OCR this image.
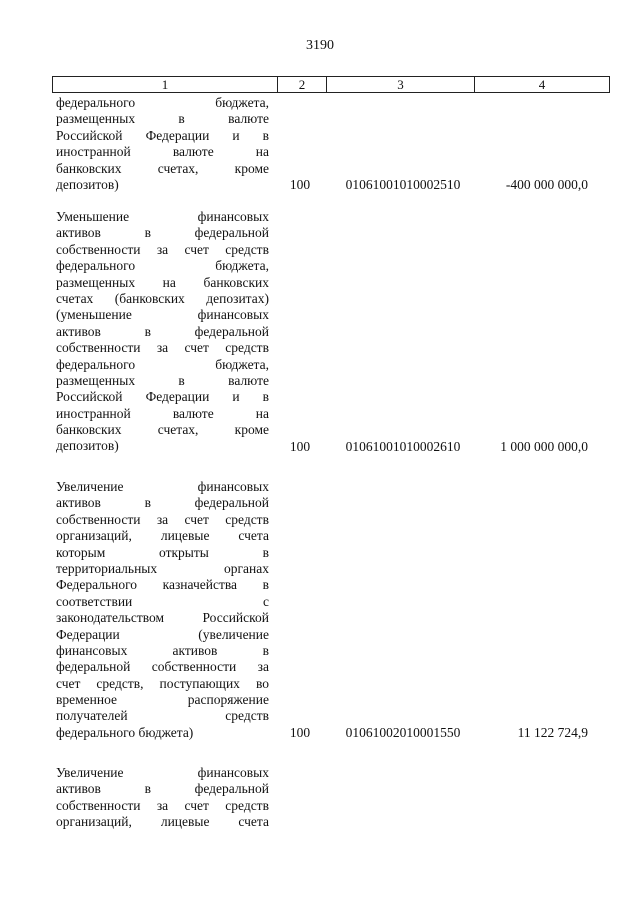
3190
1	2	3	4
федерального	бюджета,
размещенных	в	валюте
Российской Федерации и в
иностранной	валюте	на
банковских	счетах,	кроме
депозитов)	100	01061001010002510	-400 000 000,0
Уменьшение	финансовых
активов	в	федеральной
собственности за счет средств
федерального	бюджета,
размещенных на банковских
счетах (банковских депозитах)
(уменьшение	финансовых
активов	в	федеральной
собственности за счет средств
федерального	бюджета,
размещенных	в	валюте
Российской Федерации и в
иностранной	валюте	на
банковских	счетах,	кроме
депозитов)	100	01061001010002610	1 000 000 000,0
Увеличение	финансовых
активов	в	федеральной
собственности за счет средств
организаций, лицевые счета
которым	открыты	в
территориальных	органах
Федерального казначейства в
соответствии	с
законодательством	Российской
Федерации	(увеличение
финансовых	активов	в
федеральной собственности за
счет средств, поступающих во
временное	распоряжение
получателей	средств
федерального бюджета)	100	01061002010001550	11 122 724,9
Увеличение	финансовых
активов	в	федеральной
собственности за счет средств
организаций, лицевые счета
